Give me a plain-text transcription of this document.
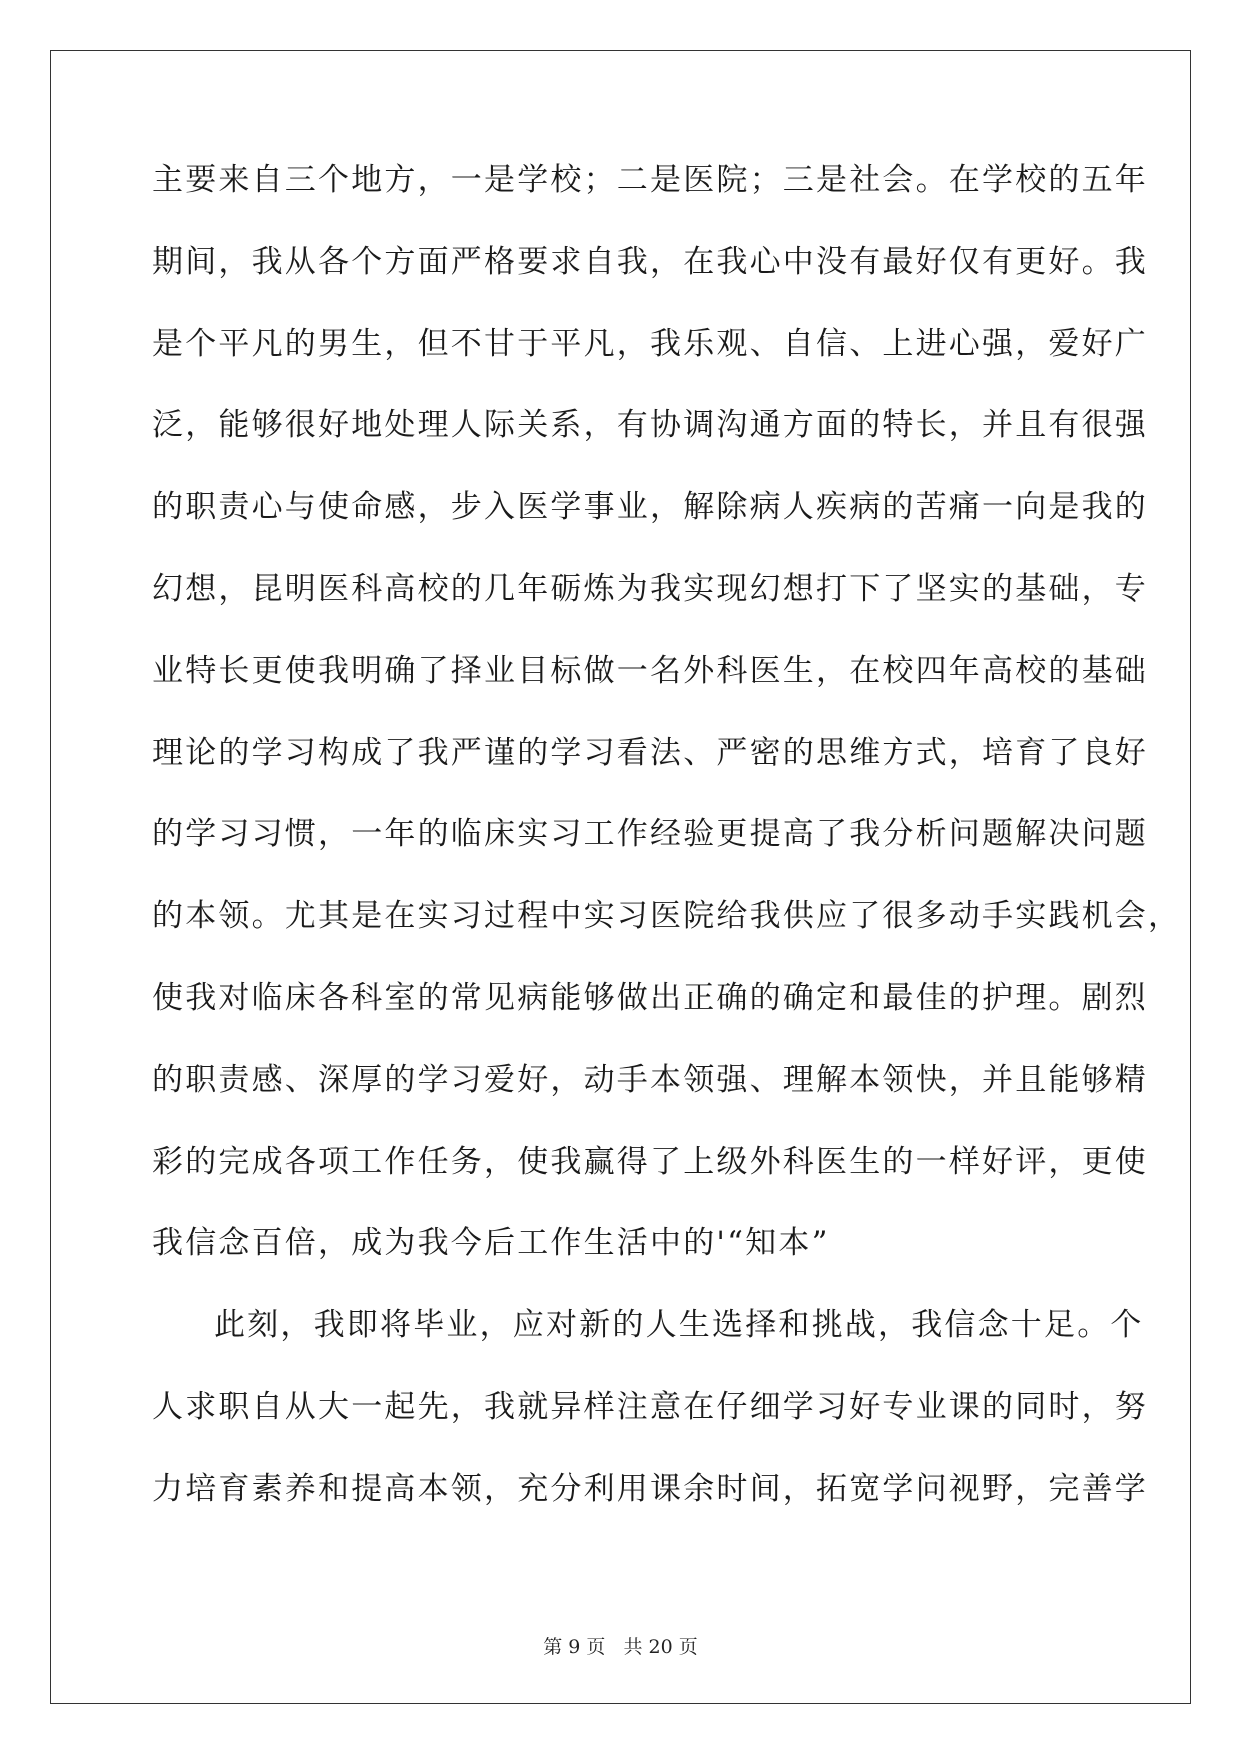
主要来自三个地方，一是学校；二是医院；三是社会。在学校的五年
期间，我从各个方面严格要求自我，在我心中没有最好仅有更好。我
是个平凡的男生，但不甘于平凡，我乐观、自信、上进心强，爱好广
泛，能够很好地处理人际关系，有协调沟通方面的特长，并且有很强
的职责心与使命感，步入医学事业，解除病人疾病的苦痛一向是我的
幻想，昆明医科高校的几年砺炼为我实现幻想打下了坚实的基础，专
业特长更使我明确了择业目标做一名外科医生，在校四年高校的基础
理论的学习构成了我严谨的学习看法、严密的思维方式，培育了良好
的学习习惯，一年的临床实习工作经验更提高了我分析问题解决问题
的本领。尤其是在实习过程中实习医院给我供应了很多动手实践机会，
使我对临床各科室的常见病能够做出正确的确定和最佳的护理。剧烈
的职责感、深厚的学习爱好，动手本领强、理解本领快，并且能够精
彩的完成各项工作任务，使我赢得了上级外科医生的一样好评，更使
我信念百倍，成为我今后工作生活中的'“知本”
此刻，我即将毕业，应对新的人生选择和挑战，我信念十足。个
人求职自从大一起先，我就异样注意在仔细学习好专业课的同时，努
力培育素养和提高本领，充分利用课余时间，拓宽学问视野，完善学
第 9 页 共 20 页
